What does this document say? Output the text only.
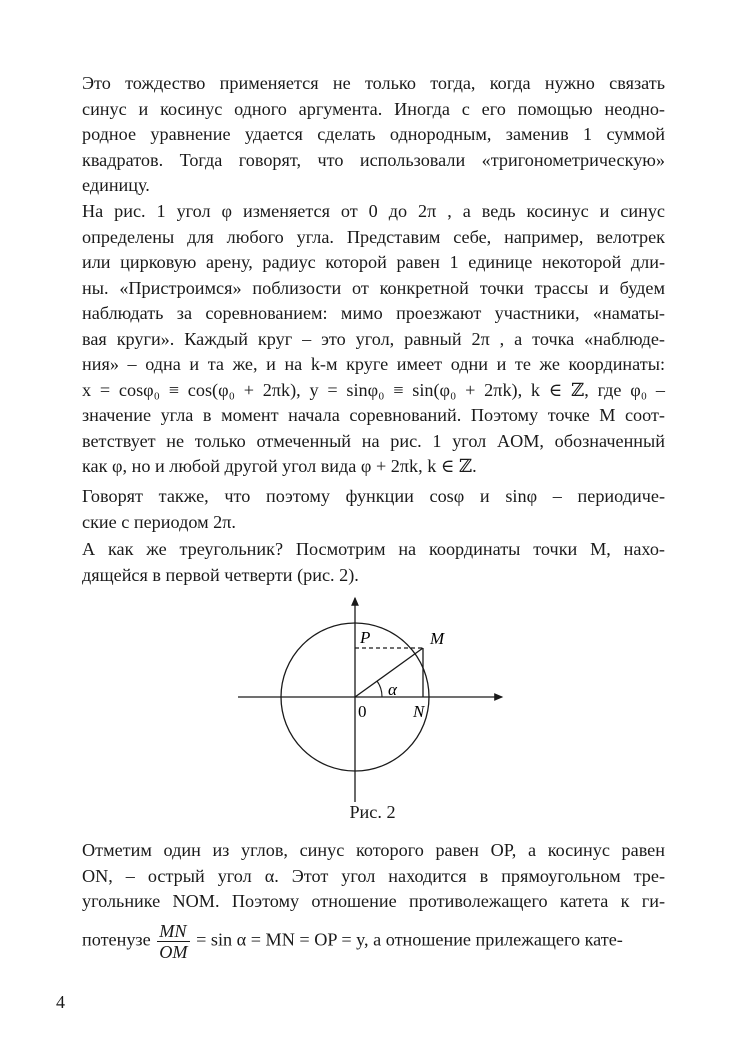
Это тождество применяется не только тогда, когда нужно связать
синус и косинус одного аргумента. Иногда с его помощью неодно-
родное уравнение удается сделать однородным, заменив 1 суммой
квадратов. Тогда говорят, что использовали «тригонометрическую»
единицу.

На рис. 1 угол φ изменяется от 0 до 2π , а ведь косинус и синус
определены для любого угла. Представим себе, например, велотрек
или цирковую арену, радиус которой равен 1 единице некоторой дли-
ны. «Пристроимся» поблизости от конкретной точки трассы и будем
наблюдать за соревнованием: мимо проезжают участники, «наматы-
вая круги». Каждый круг – это угол, равный 2π , а точка «наблюде-
ния» – одна и та же, и на k-м круге имеет одни и те же координаты:
x = cosφ₀ ≡ cos(φ₀ + 2πk), y = sinφ₀ ≡ sin(φ₀ + 2πk), k ∈ ℤ, где φ₀ –
значение угла в момент начала соревнований. Поэтому точке M соот-
ветствует не только отмеченный на рис. 1 угол AOM, обозначенный
как φ, но и любой другой угол вида φ + 2πk, k ∈ ℤ.

Говорят также, что поэтому функции cosφ и sinφ – периодиче-
ские с периодом 2π.

А как же треугольник? Посмотрим на координаты точки M, нахо-
дящейся в первой четверти (рис. 2).

P	M
α
0	N
Рис. 2

Отметим один из углов, синус которого равен OP, а косинус равен
ON, – острый угол α. Этот угол находится в прямоугольном тре-
угольнике NOM. Поэтому отношение противолежащего катета к ги-
потенузе $\frac{MN}{OM} = \sin \alpha$ = MN = OP = y, а отношение прилежащего кате-

4
